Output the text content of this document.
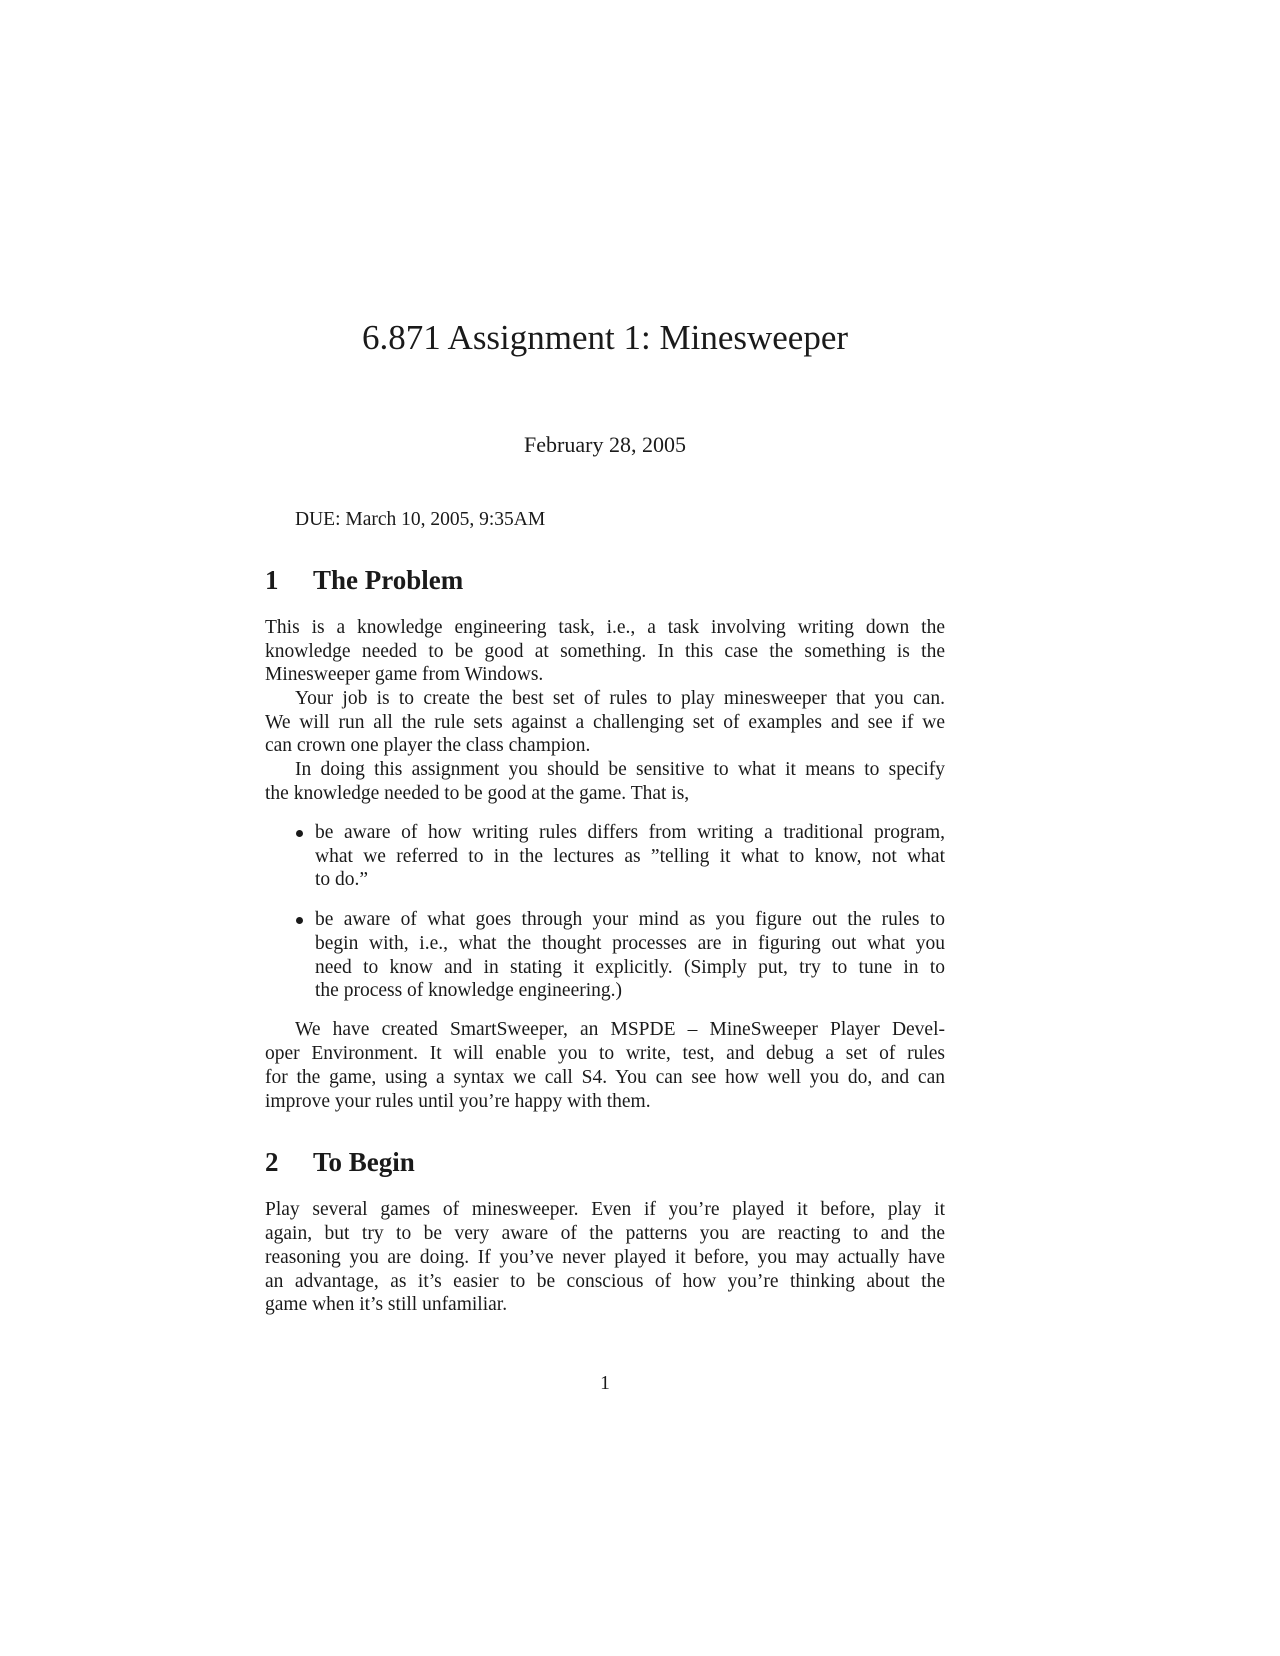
6.871 Assignment 1: Minesweeper
February 28, 2005
DUE: March 10, 2005, 9:35AM
1 The Problem
2 To Begin
This is a knowledge engineering task, i.e., a task involving writing down the
knowledge needed to be good at something. In this case the something is the
Minesweeper game from Windows.
Your job is to create the best set of rules to play minesweeper that you can.
We will run all the rule sets against a challenging set of examples and see if we
can crown one player the class champion.
In doing this assignment you should be sensitive to what it means to specify
the knowledge needed to be good at the game. That is,
be aware of how writing rules differs from writing a traditional program,
what we referred to in the lectures as ”telling it what to know, not what
to do.”
be aware of what goes through your mind as you figure out the rules to
begin with, i.e., what the thought processes are in figuring out what you
need to know and in stating it explicitly. (Simply put, try to tune in to
the process of knowledge engineering.)
We have created SmartSweeper, an MSPDE – MineSweeper Player Devel-
oper Environment. It will enable you to write, test, and debug a set of rules
for the game, using a syntax we call S4. You can see how well you do, and can
improve your rules until you’re happy with them.
Play several games of minesweeper. Even if you’re played it before, play it
again, but try to be very aware of the patterns you are reacting to and the
reasoning you are doing. If you’ve never played it before, you may actually have
an advantage, as it’s easier to be conscious of how you’re thinking about the
game when it’s still unfamiliar.
1
